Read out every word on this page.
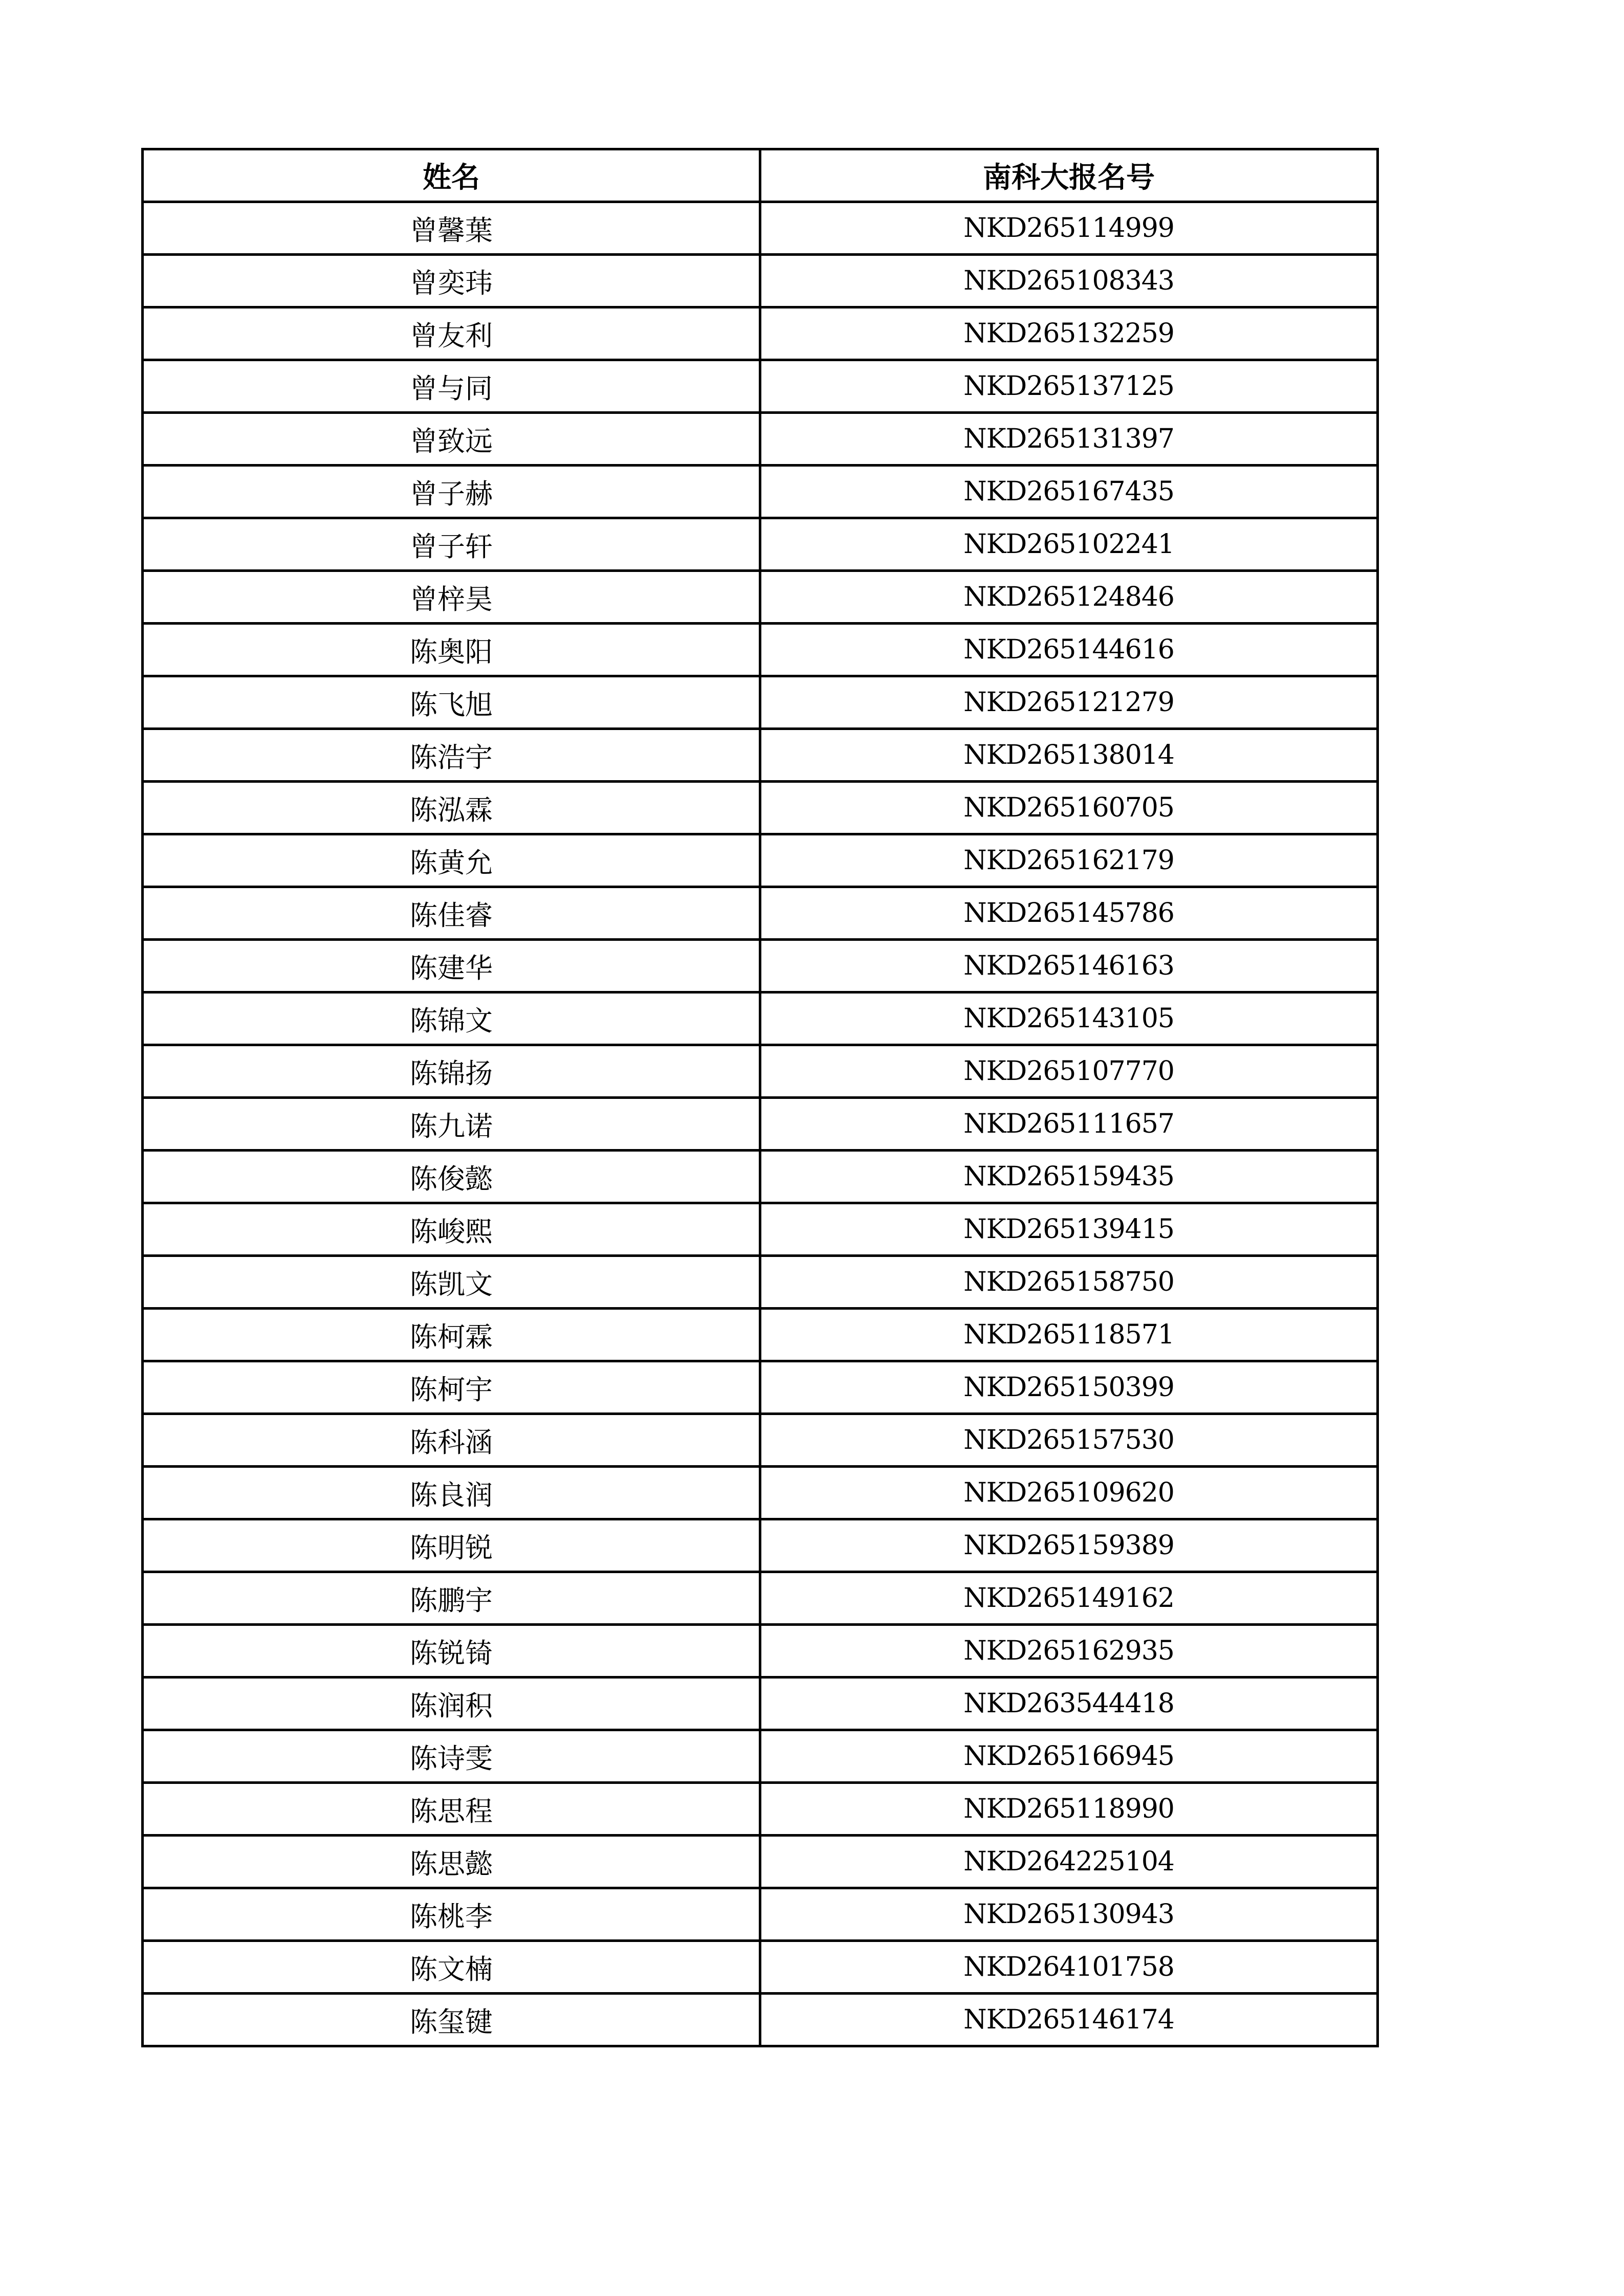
姓名	南科大报名号
曾馨葉	NKD265114999
曾奕玮	NKD265108343
曾友利	NKD265132259
曾与同	NKD265137125
曾致远	NKD265131397
曾子赫	NKD265167435
曾子轩	NKD265102241
曾梓昊	NKD265124846
陈奥阳	NKD265144616
陈飞旭	NKD265121279
陈浩宇	NKD265138014
陈泓霖	NKD265160705
陈黄允	NKD265162179
陈佳睿	NKD265145786
陈建华	NKD265146163
陈锦文	NKD265143105
陈锦扬	NKD265107770
陈九诺	NKD265111657
陈俊懿	NKD265159435
陈峻熙	NKD265139415
陈凯文	NKD265158750
陈柯霖	NKD265118571
陈柯宇	NKD265150399
陈科涵	NKD265157530
陈良润	NKD265109620
陈明锐	NKD265159389
陈鹏宇	NKD265149162
陈锐锜	NKD265162935
陈润积	NKD263544418
陈诗雯	NKD265166945
陈思程	NKD265118990
陈思懿	NKD264225104
陈桃李	NKD265130943
陈文楠	NKD264101758
陈玺键	NKD265146174
